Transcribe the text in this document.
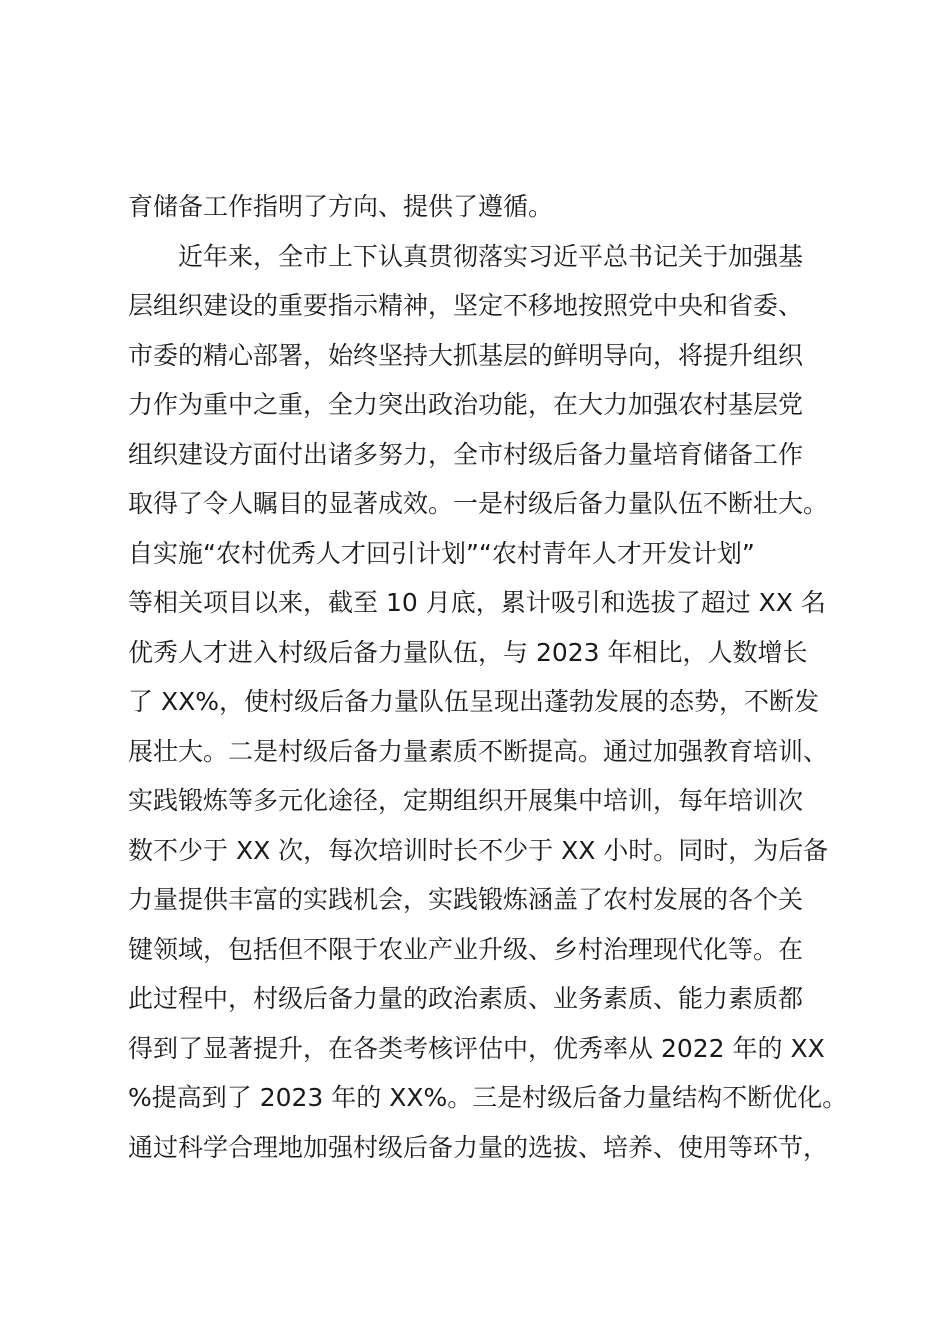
育储备工作指明了方向、提供了遵循。
近年来，全市上下认真贯彻落实习近平总书记关于加强基
层组织建设的重要指示精神，坚定不移地按照党中央和省委、
市委的精心部署，始终坚持大抓基层的鲜明导向，将提升组织
力作为重中之重，全力突出政治功能，在大力加强农村基层党
组织建设方面付出诸多努力，全市村级后备力量培育储备工作
取得了令人瞩目的显著成效。一是村级后备力量队伍不断壮大。
自实施“农村优秀人才回引计划”“农村青年人才开发计划”
等相关项目以来，截至 10 月底，累计吸引和选拔了超过 XX 名
优秀人才进入村级后备力量队伍，与 2023 年相比，人数增长
了 XX%，使村级后备力量队伍呈现出蓬勃发展的态势，不断发
展壮大。二是村级后备力量素质不断提高。通过加强教育培训、
实践锻炼等多元化途径，定期组织开展集中培训，每年培训次
数不少于 XX 次，每次培训时长不少于 XX 小时。同时，为后备
力量提供丰富的实践机会，实践锻炼涵盖了农村发展的各个关
键领域，包括但不限于农业产业升级、乡村治理现代化等。在
此过程中，村级后备力量的政治素质、业务素质、能力素质都
得到了显著提升，在各类考核评估中，优秀率从 2022 年的 XX
%提高到了 2023 年的 XX%。三是村级后备力量结构不断优化。
通过科学合理地加强村级后备力量的选拔、培养、使用等环节，
